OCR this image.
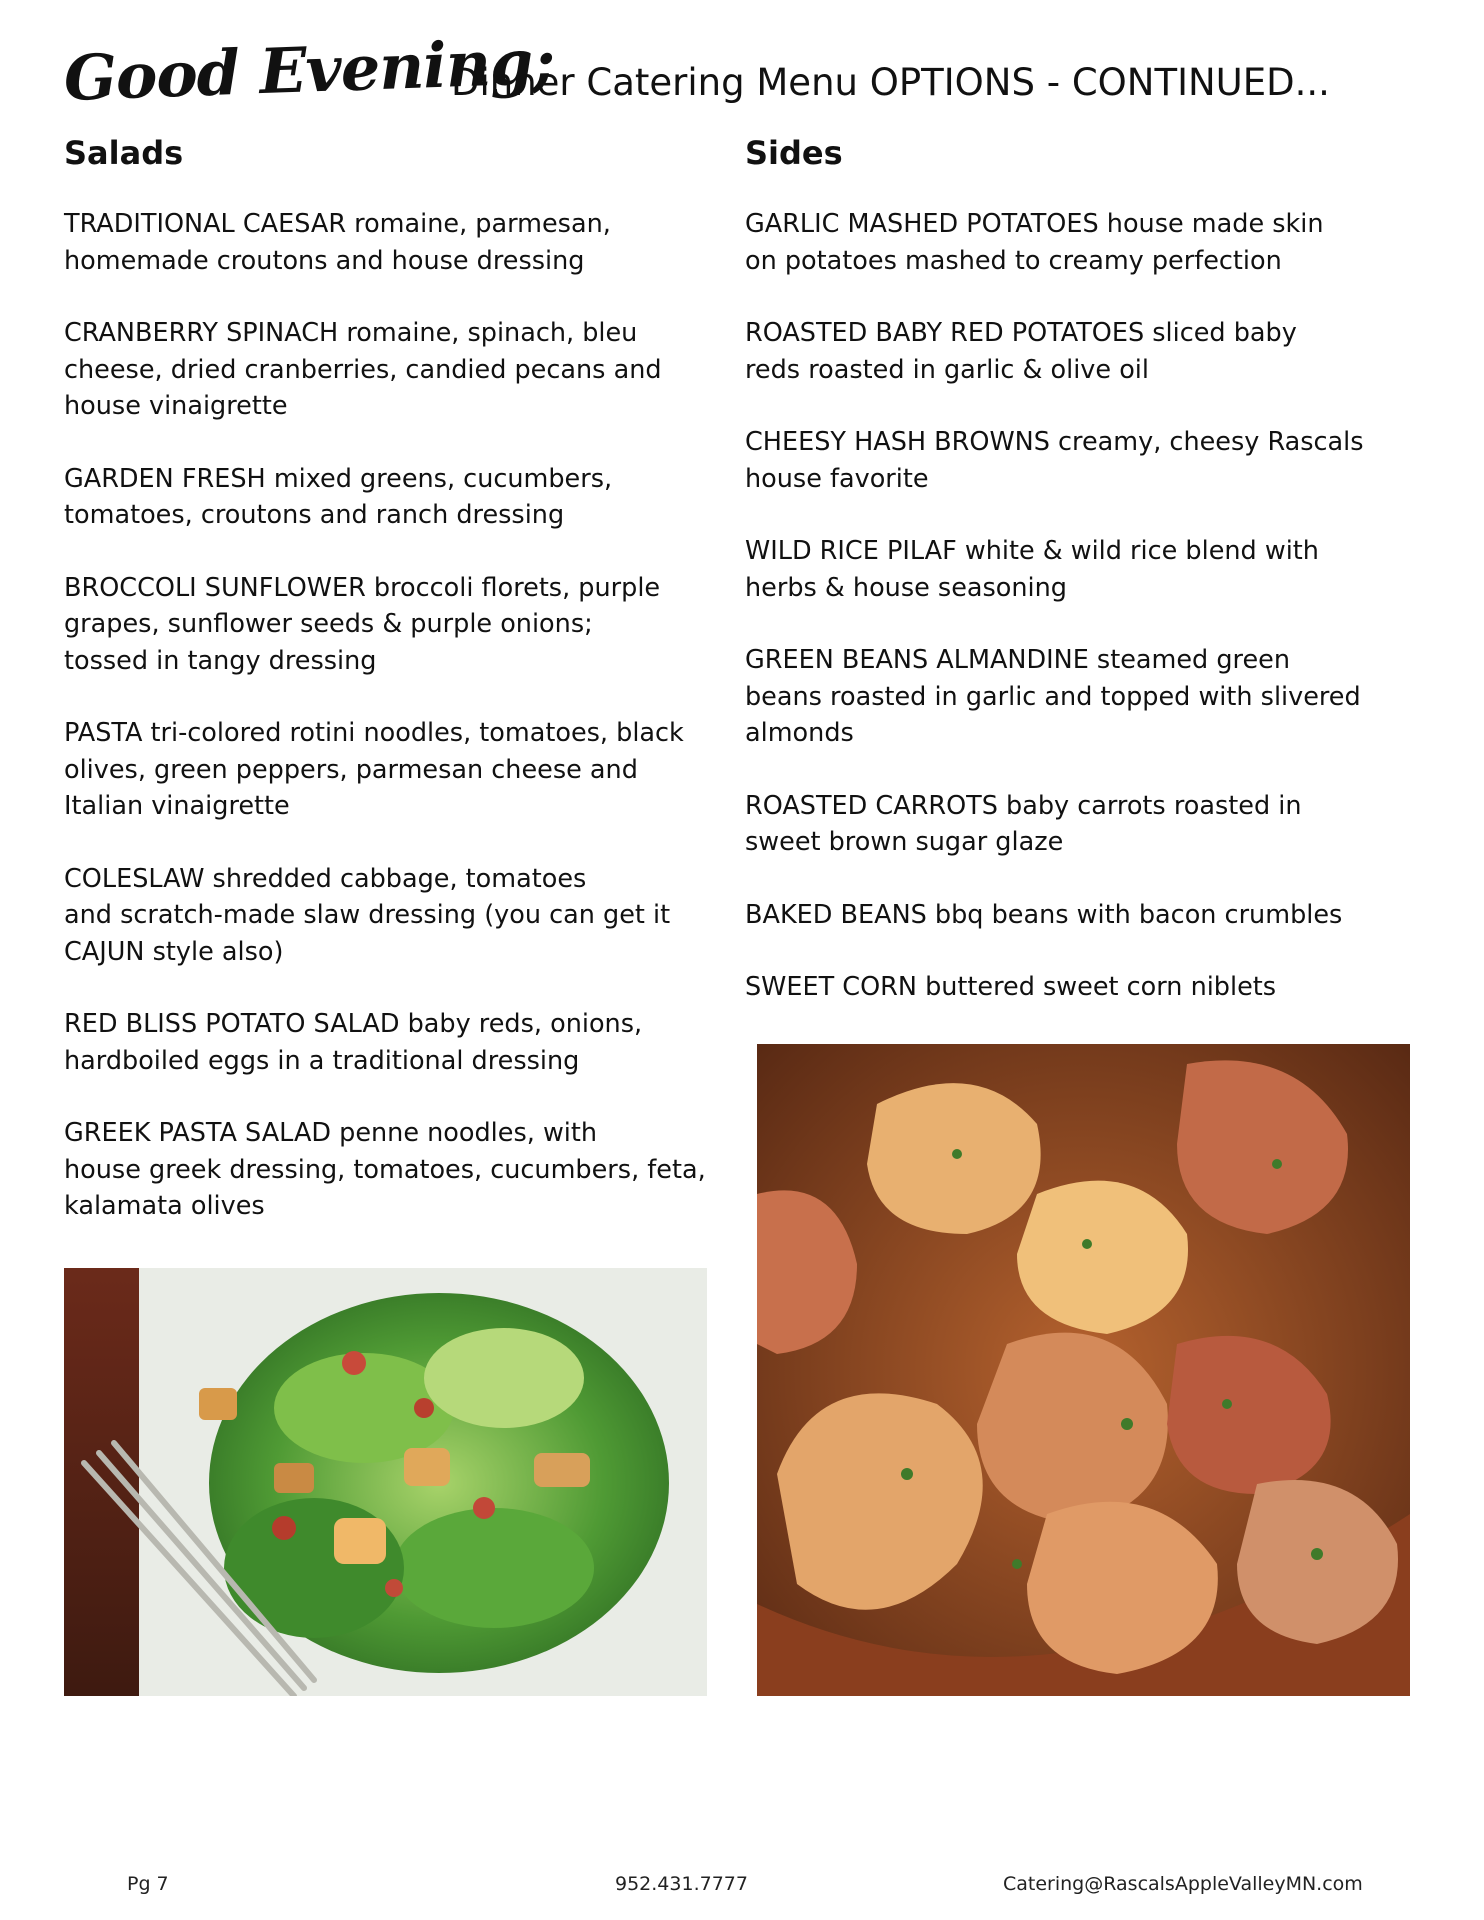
Good Evening;
Dinner Catering Menu OPTIONS - CONTINUED...
Salads
TRADITIONAL CAESAR romaine, parmesan,
homemade croutons and house dressing
CRANBERRY SPINACH romaine, spinach, bleu
cheese, dried cranberries, candied pecans and
house vinaigrette
GARDEN FRESH mixed greens, cucumbers,
tomatoes, croutons and ranch dressing
BROCCOLI SUNFLOWER broccoli florets, purple
grapes, sunflower seeds & purple onions;
tossed in tangy dressing
PASTA tri-colored rotini noodles, tomatoes, black
olives, green peppers, parmesan cheese and
Italian vinaigrette
COLESLAW shredded cabbage, tomatoes
and scratch-made slaw dressing (you can get it
CAJUN style also)
RED BLISS POTATO SALAD baby reds, onions,
hardboiled eggs in a traditional dressing
GREEK PASTA SALAD penne noodles, with
house greek dressing, tomatoes, cucumbers, feta,
kalamata olives
Sides
GARLIC MASHED POTATOES house made skin
on potatoes mashed to creamy perfection
ROASTED BABY RED POTATOES sliced baby
reds roasted in garlic & olive oil
CHEESY HASH BROWNS creamy, cheesy Rascals
house favorite
WILD RICE PILAF white & wild rice blend with
herbs & house seasoning
GREEN BEANS ALMANDINE steamed green
beans roasted in garlic and topped with slivered
almonds
ROASTED CARROTS baby carrots roasted in
sweet brown sugar glaze
BAKED BEANS bbq beans with bacon crumbles
SWEET CORN buttered sweet corn niblets
Pg 7	952.431.7777	Catering@RascalsAppleValleyMN.com
